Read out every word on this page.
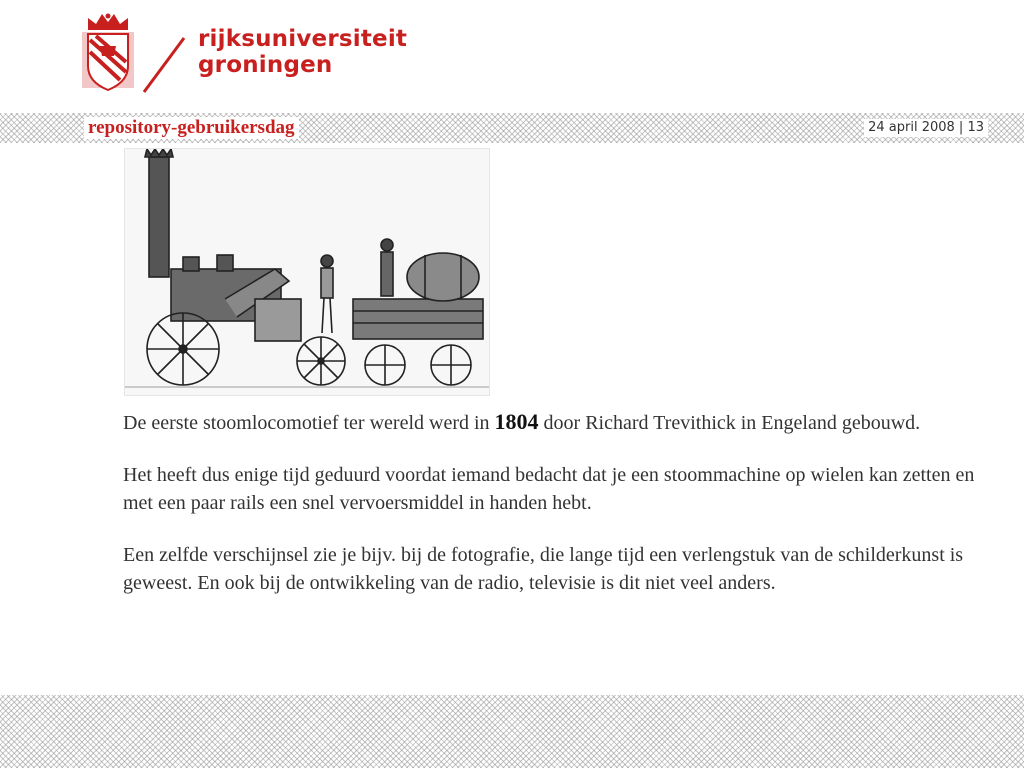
rijksuniversiteit
groningen
repository-gebruikersdag	24 april 2008 | 13

De eerste stoomlocomotief ter wereld werd in 1804 door Richard Trevithick in Engeland gebouwd.

Het heeft dus enige tijd geduurd voordat iemand bedacht dat je een stoommachine op wielen kan zetten en met een paar rails een snel vervoersmiddel in handen hebt.

Een zelfde verschijnsel zie je bijv. bij de fotografie, die lange tijd een verlengstuk van de schilderkunst is geweest. En ook bij de ontwikkeling van de radio, televisie is dit niet veel anders.
